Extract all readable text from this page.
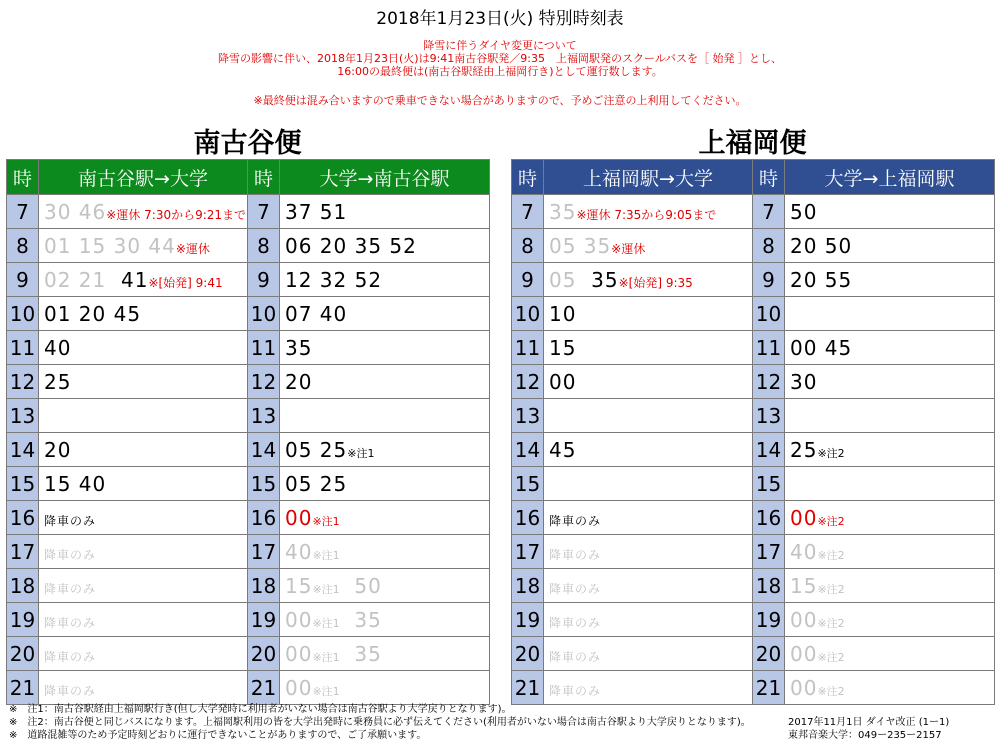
2018年1月23日(火) 特別時刻表
降雪に伴うダイヤ変更について
降雪の影響に伴い、2018年1月23日(火)は9:41南古谷駅発／9:35　上福岡駅発のスクールバスを［ 始発 ］とし、
16:00の最終便は(南古谷駅経由上福岡行き)として運行数します。
※最終便は混み合いますので乗車できない場合がありますので、予めご注意の上利用してください。
南古谷便	上福岡便
時	南古谷駅→大学	時	大学→南古谷駅
7	30 46※運休 7:30から9:21まで	7	37 51
8	01 15 30 44※運休	8	06 20 35 52
9	02 21 41※[始発] 9:41	9	12 32 52
10	01 20 45	10	07 40
11	40	11	35
12	25	12	20
13		13	
14	20	14	05 25※注1
15	15 40	15	05 25
16	降車のみ	16	00※注1
17	降車のみ	17	40※注1
18	降車のみ	18	15※注1 50
19	降車のみ	19	00※注1 35
20	降車のみ	20	00※注1 35
21	降車のみ	21	00※注1
時	上福岡駅→大学	時	大学→上福岡駅
7	35※運休 7:35から9:05まで	7	50
8	05 35※運休	8	20 50
9	05 35※[始発] 9:35	9	20 55
10	10	10	
11	15	11	00 45
12	00	12	30
13		13	
14	45	14	25※注2
15		15	
16	降車のみ	16	00※注2
17	降車のみ	17	40※注2
18	降車のみ	18	15※注2
19	降車のみ	19	00※注2
20	降車のみ	20	00※注2
21	降車のみ	21	00※注2
※　注1：南古谷駅経由上福岡駅行き(但し大学発時に利用者がいない場合は南古谷駅より大学戻りとなります)。
※　注2：南古谷便と同じバスになります。上福岡駅利用の皆を大学出発時に乗務員に必ず伝えてください(利用者がいない場合は南古谷駅より大学戻りとなります)。
※　道路混雑等のため予定時刻どおりに運行できないことがありますので、ご了承願います。
2017年11月1日 ダイヤ改正 (1ー1)
東邦音楽大学：049ー235ー2157
